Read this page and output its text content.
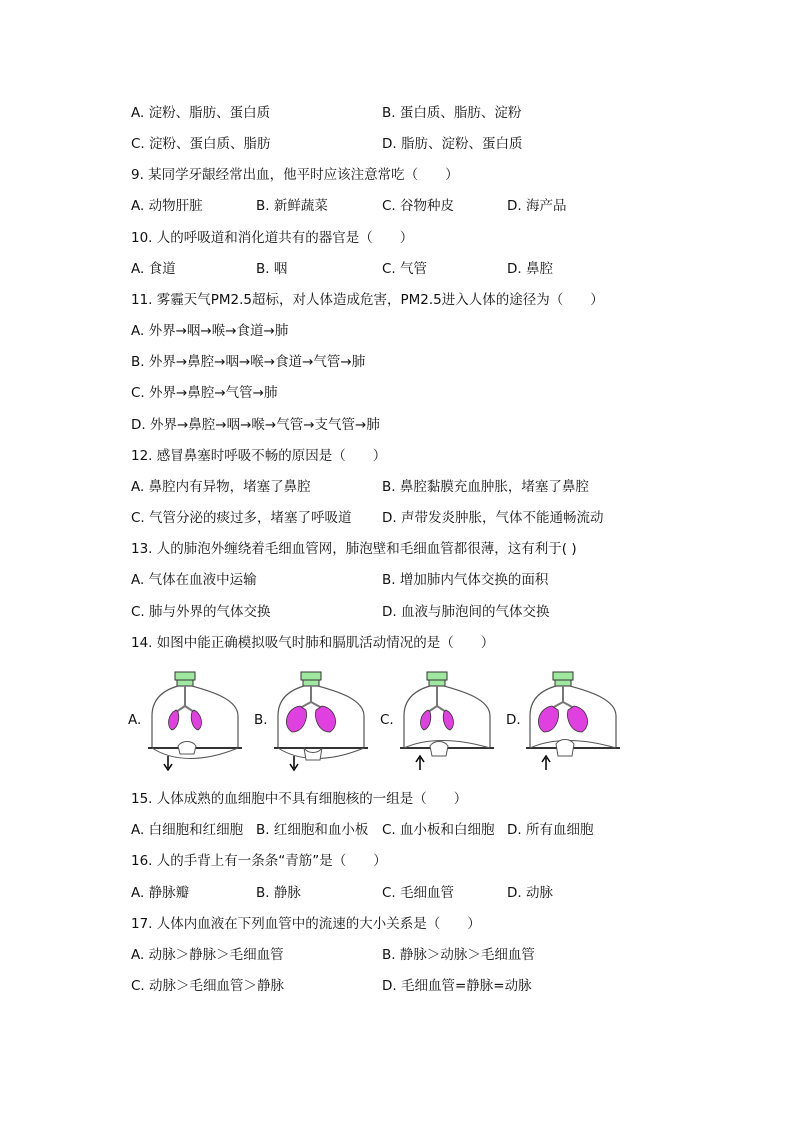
A. 淀粉、脂肪、蛋白质	B. 蛋白质、脂肪、淀粉
C. 淀粉、蛋白质、脂肪	D. 脂肪、淀粉、蛋白质
9. 某同学牙龈经常出血，他平时应该注意常吃（　　）
A. 动物肝脏	B. 新鲜蔬菜	C. 谷物种皮	D. 海产品
10. 人的呼吸道和消化道共有的器官是（　　）
A. 食道	B. 咽	C. 气管	D. 鼻腔
11. 雾霾天气PM2.5超标，对人体造成危害，PM2.5进入人体的途径为（　　）
A. 外界→咽→喉→食道→肺
B. 外界→鼻腔→咽→喉→食道→气管→肺
C. 外界→鼻腔→气管→肺
D. 外界→鼻腔→咽→喉→气管→支气管→肺
12. 感冒鼻塞时呼吸不畅的原因是（　　）
A. 鼻腔内有异物，堵塞了鼻腔	B. 鼻腔黏膜充血肿胀，堵塞了鼻腔
C. 气管分泌的痰过多，堵塞了呼吸道 D. 声带发炎肿胀，气体不能通畅流动
13. 人的肺泡外缠绕着毛细血管网，肺泡壁和毛细血管都很薄，这有利于( )
A. 气体在血液中运输	B. 增加肺内气体交换的面积
C. 肺与外界的气体交换	D. 血液与肺泡间的气体交换
14. 如图中能正确模拟吸气时肺和膈肌活动情况的是（　　）
A.	B.	C.	D.
15. 人体成熟的血细胞中不具有细胞核的一组是（　　）
A. 白细胞和红细胞 B. 红细胞和血小板 C. 血小板和白细胞 D. 所有血细胞
16. 人的手背上有一条条“青筋”是（　　）
A. 静脉瓣	B. 静脉	C. 毛细血管	D. 动脉
17. 人体内血液在下列血管中的流速的大小关系是（　　）
A. 动脉＞静脉＞毛细血管	B. 静脉＞动脉＞毛细血管
C. 动脉＞毛细血管＞静脉	D. 毛细血管=静脉=动脉
